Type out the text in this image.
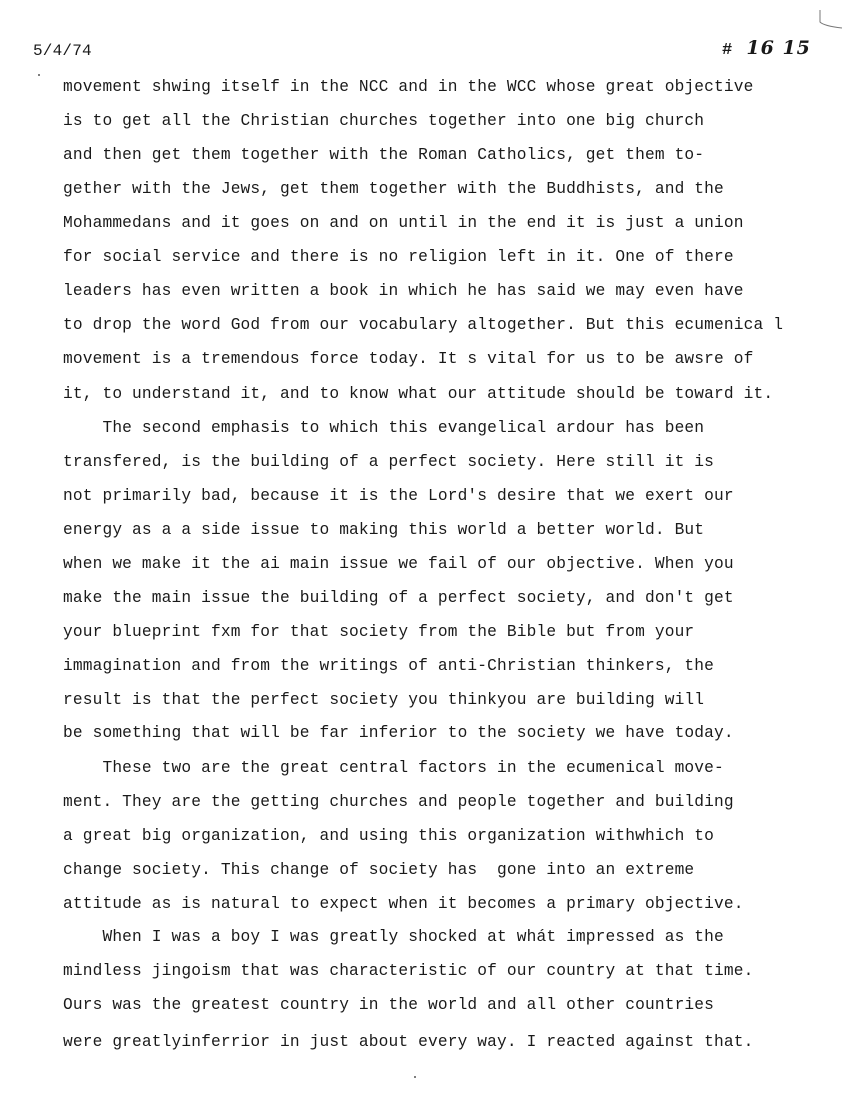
5/4/74	# 16 15
movement shwing itself in the NCC and in the WCC whose great objective
is to get all the Christian churches together into one big church
and then get them together with the Roman Catholics, get them to-
gether with the Jews, get them together with the Buddhists, and the
Mohammedans and it goes on and on until in the end it is just a union
for social service and there is no religion left in it. One of there
leaders has even written a book in which he has said we may even have
to drop the word God from our vocabulary altogether. But this ecumenica l
movement is a tremendous force today. It s vital for us to be awsre of
it, to understand it, and to know what our attitude should be toward it.
The second emphasis to which this evangelical ardour has been
transfered, is the building of a perfect society. Here still it is
not primarily bad, because it is the Lord's desire that we exert our
energy as a a side issue to making this world a better world. But
when we make it the ai main issue we fail of our objective. When you
make the main issue the building of a perfect society, and don't get
your blueprint fxm for that society from the Bible but from your
immagination and from the writings of anti-Christian thinkers, the
result is that the perfect society you thinkyou are building will
be something that will be far inferior to the society we have today.
These two are the great central factors in the ecumenical move-
ment. They are the getting churches and people together and building
a great big organization, and using this organization withwhich to
change society. This change of society has  gone into an extreme
attitude as is natural to expect when it becomes a primary objective.
When I was a boy I was greatly shocked at whát impressed as the
mindless jingoism that was characteristic of our country at that time.
Ours was the greatest country in the world and all other countries
were greatlyinferrior in just about every way. I reacted against that.
